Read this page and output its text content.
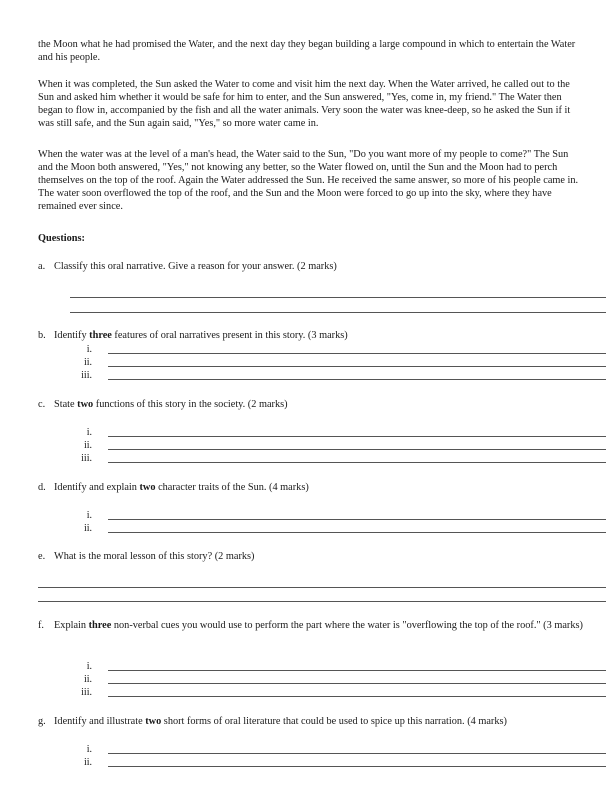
the Moon what he had promised the Water, and the next day they began building a large compound in which to entertain the Water and his people.

When it was completed, the Sun asked the Water to come and visit him the next day. When the Water arrived, he called out to the Sun and asked him whether it would be safe for him to enter, and the Sun answered, "Yes, come in, my friend." The Water then began to flow in, accompanied by the fish and all the water animals. Very soon the water was knee-deep, so he asked the Sun if it was still safe, and the Sun again said, "Yes," so more water came in.

When the water was at the level of a man's head, the Water said to the Sun, "Do you want more of my people to come?" The Sun and the Moon both answered, "Yes," not knowing any better, so the Water flowed on, until the Sun and the Moon had to perch themselves on the top of the roof. Again the Water addressed the Sun. He received the same answer, so more of his people came in. The water soon overflowed the top of the roof, and the Sun and the Moon were forced to go up into the sky, where they have remained ever since.

Questions:

a. Classify this oral narrative. Give a reason for your answer. (2 marks)
b. Identify three features of oral narratives present in this story. (3 marks)
i.
ii.
iii.
c. State two functions of this story in the society. (2 marks)
i.
ii.
iii.
d. Identify and explain two character traits of the Sun. (4 marks)
i.
ii.
e. What is the moral lesson of this story? (2 marks)
f. Explain three non-verbal cues you would use to perform the part where the water is "overflowing the top of the roof." (3 marks)
i.
ii.
iii.
g. Identify and illustrate two short forms of oral literature that could be used to spice up this narration. (4 marks)
i.
ii.
